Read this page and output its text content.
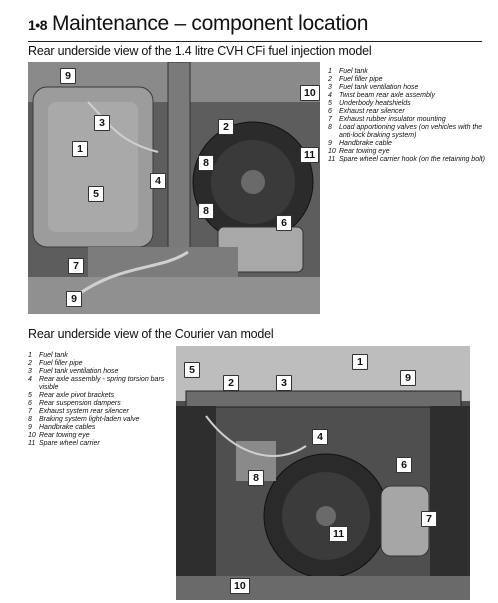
1•8 Maintenance – component location
Rear underside view of the 1.4 litre CVH CFi fuel injection model
9
3
1
5
7
9
2
8
4
8
6
10
11
1	Fuel tank
2	Fuel filler pipe
3	Fuel tank ventilation hose
4	Twist beam rear axle assembly
5	Underbody heatshields
6	Exhaust rear silencer
7	Exhaust rubber insulator mounting
8	Load apportioning valves (on vehicles with the anti-lock braking system)
9	Handbrake cable
10 Rear towing eye
11 Spare wheel carrier hook (on the retaining bolt)
Rear underside view of the Courier van model
1	Fuel tank
2	Fuel filler pipe
3	Fuel tank ventilation hose
4	Rear axle assembly - spring torsion bars visible
5	Rear axle pivot brackets
6	Rear suspension dampers
7	Exhaust system rear silencer
8	Braking system light-laden valve
9	Handbrake cables
10 Rear towing eye
11 Spare wheel carrier
1
5
2	3	9
4
6
8
7
11
10
